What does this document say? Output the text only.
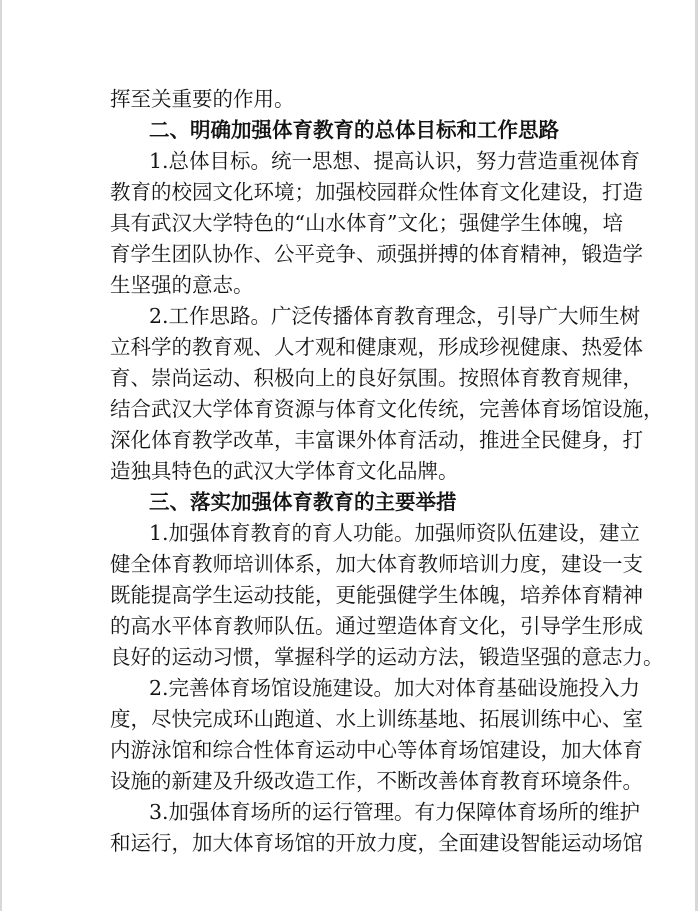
挥至关重要的作用。
二、明确加强体育教育的总体目标和工作思路
1.总体目标。统一思想、提高认识，努力营造重视体育
教育的校园文化环境；加强校园群众性体育文化建设，打造
具有武汉大学特色的“山水体育”文化；强健学生体魄，培
育学生团队协作、公平竞争、顽强拼搏的体育精神，锻造学
生坚强的意志。
2.工作思路。广泛传播体育教育理念，引导广大师生树
立科学的教育观、人才观和健康观，形成珍视健康、热爱体
育、崇尚运动、积极向上的良好氛围。按照体育教育规律，
结合武汉大学体育资源与体育文化传统，完善体育场馆设施，
深化体育教学改革，丰富课外体育活动，推进全民健身，打
造独具特色的武汉大学体育文化品牌。
三、落实加强体育教育的主要举措
1.加强体育教育的育人功能。加强师资队伍建设，建立
健全体育教师培训体系，加大体育教师培训力度，建设一支
既能提高学生运动技能，更能强健学生体魄，培养体育精神
的高水平体育教师队伍。通过塑造体育文化，引导学生形成
良好的运动习惯，掌握科学的运动方法，锻造坚强的意志力。
2.完善体育场馆设施建设。加大对体育基础设施投入力
度，尽快完成环山跑道、水上训练基地、拓展训练中心、室
内游泳馆和综合性体育运动中心等体育场馆建设，加大体育
设施的新建及升级改造工作，不断改善体育教育环境条件。
3.加强体育场所的运行管理。有力保障体育场所的维护
和运行，加大体育场馆的开放力度，全面建设智能运动场馆
